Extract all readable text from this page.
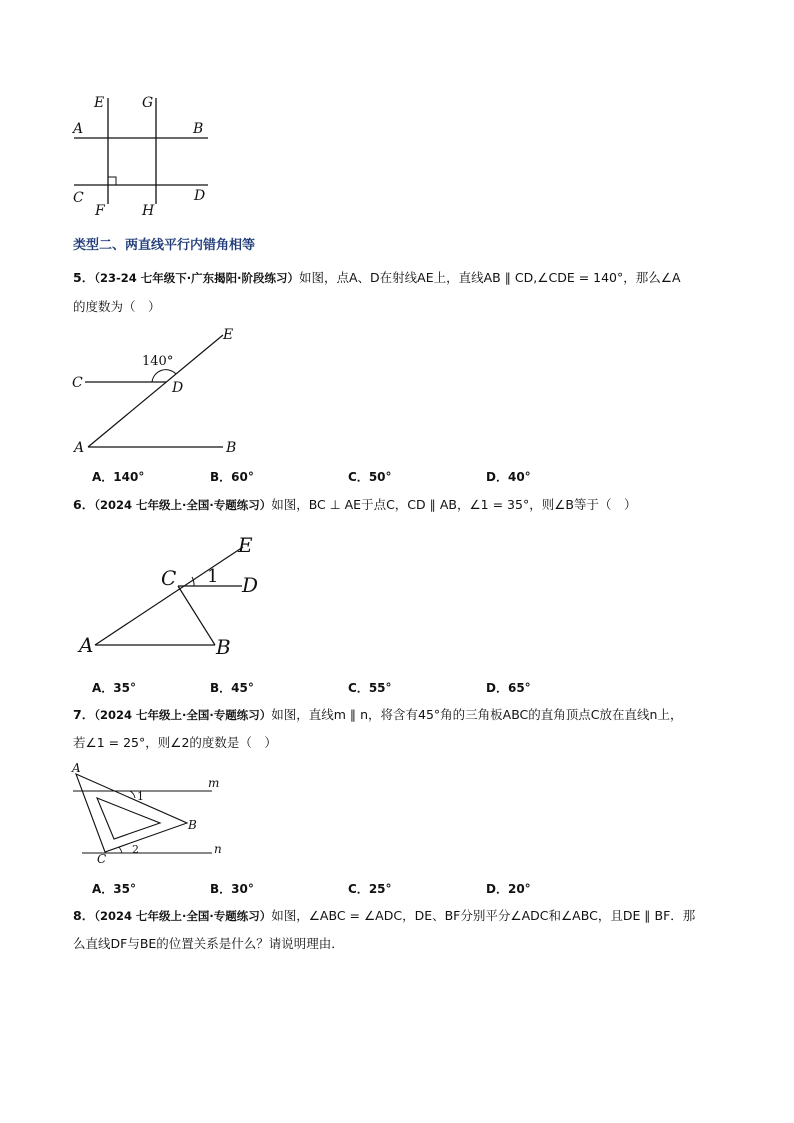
E	G
A	B
C	D
F	H
类型二、两直线平行内错角相等
5．（23-24 七年级下·广东揭阳·阶段练习）如图，点A、D在射线AE上，直线AB ∥ CD,∠CDE = 140°，那么∠A
的度数为（　）
140°
E
C	D
A	B
A．140°	B．60°	C．50°	D．40°
6．（2024 七年级上·全国·专题练习）如图，BC ⊥ AE于点C，CD ∥ AB，∠1 = 35°，则∠B等于（　）
E
C 1 D
A	B
A．35°	B．45°	C．55°	D．65°
7．（2024 七年级上·全国·专题练习）如图，直线m ∥ n，将含有45°角的三角板ABC的直角顶点C放在直线n上，
若∠1 = 25°，则∠2的度数是（　）
A
m
1
B
C
2	n
A．35°	B．30°	C．25°	D．20°
8．（2024 七年级上·全国·专题练习）如图，∠ABC = ∠ADC，DE、BF分别平分∠ADC和∠ABC，且DE ∥ BF．那
么直线DF与BE的位置关系是什么？请说明理由．
